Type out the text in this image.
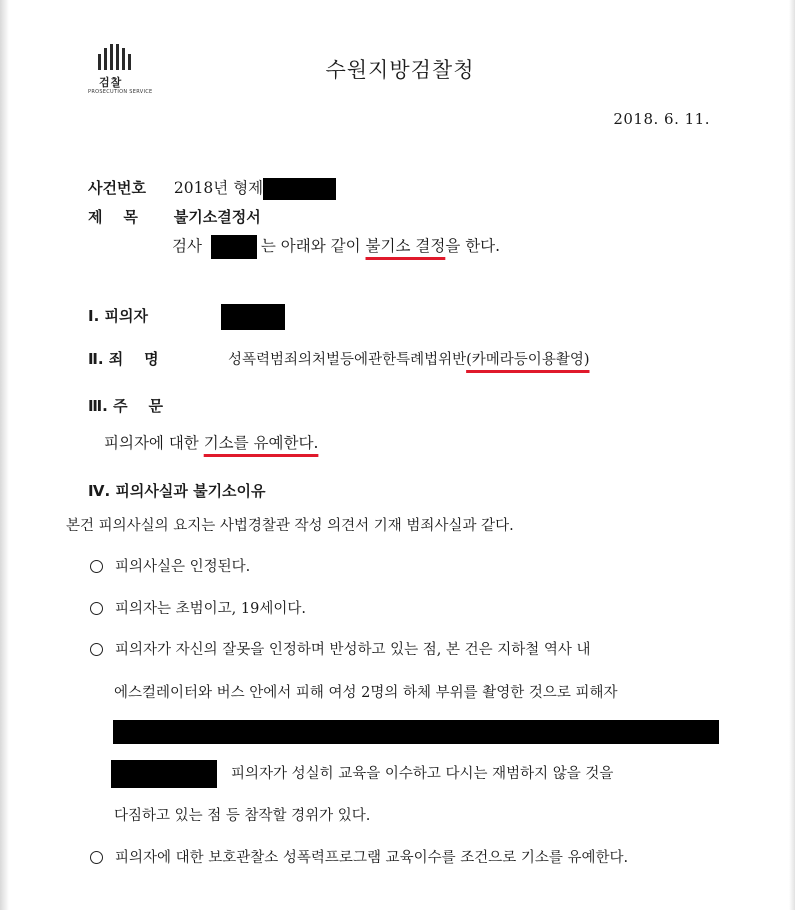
검찰
PROSECUTION SERVICE
수원지방검찰청
2018. 6. 11.
사건번호 2018년 형제
제    목 불기소결정서
검사	는 아래와 같이 불기소 결정을 한다.
Ⅰ. 피의자
Ⅱ. 죄    명	성폭력범죄의처벌등에관한특례법위반(카메라등이용촬영)
Ⅲ. 주    문
피의자에 대한 기소를 유예한다.
Ⅳ. 피의사실과 불기소이유
본건 피의사실의 요지는 사법경찰관 작성 의견서 기재 범죄사실과 같다.
피의사실은 인정된다.
피의자는 초범이고, 19세이다.
피의자가 자신의 잘못을 인정하며 반성하고 있는 점, 본 건은 지하철 역사 내
에스컬레이터와 버스 안에서 피해 여성 2명의 하체 부위를 촬영한 것으로 피해자
피의자가 성실히 교육을 이수하고 다시는 재범하지 않을 것을
다짐하고 있는 점 등 참작할 경위가 있다.
피의자에 대한 보호관찰소 성폭력프로그램 교육이수를 조건으로 기소를 유예한다.
